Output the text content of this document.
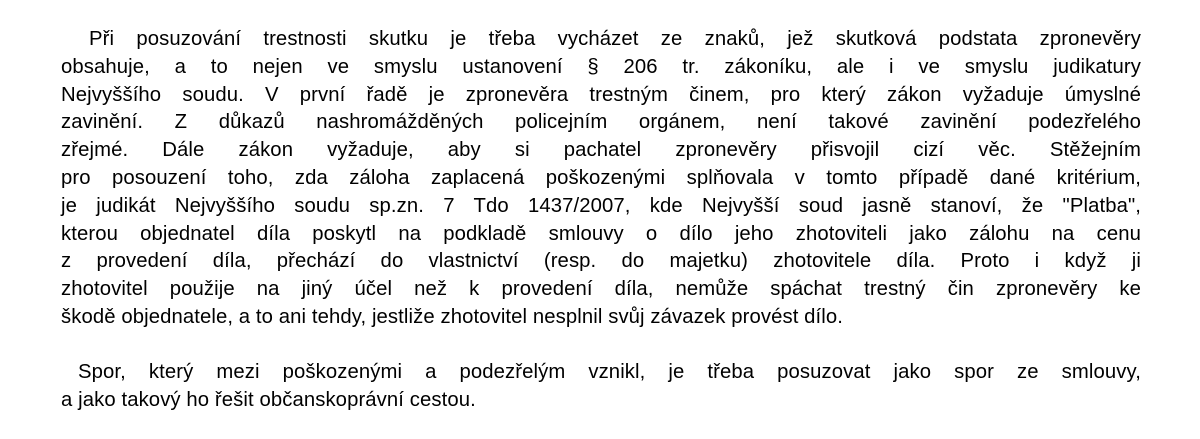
Při posuzování trestnosti skutku je třeba vycházet ze znaků, jež skutková podstata zpronevěry
obsahuje, a to nejen ve smyslu ustanovení § 206 tr. zákoníku, ale i ve smyslu judikatury
Nejvyššího soudu. V první řadě je zpronevěra trestným činem, pro který zákon vyžaduje úmyslné
zavinění. Z důkazů nashromážděných policejním orgánem, není takové zavinění podezřelého
zřejmé. Dále zákon vyžaduje, aby si pachatel zpronevěry přisvojil cizí věc. Stěžejním
pro posouzení toho, zda záloha zaplacená poškozenými splňovala v tomto případě dané kritérium,
je judikát Nejvyššího soudu sp.zn. 7 Tdo 1437/2007, kde Nejvyšší soud jasně stanoví, že "Platba",
kterou objednatel díla poskytl na podkladě smlouvy o dílo jeho zhotoviteli jako zálohu na cenu
z provedení díla, přechází do vlastnictví (resp. do majetku) zhotovitele díla. Proto i když ji
zhotovitel použije na jiný účel než k provedení díla, nemůže spáchat trestný čin zpronevěry ke
škodě objednatele, a to ani tehdy, jestliže zhotovitel nesplnil svůj závazek provést dílo.

Spor, který mezi poškozenými a podezřelým vznikl, je třeba posuzovat jako spor ze smlouvy,
a jako takový ho řešit občanskoprávní cestou.
